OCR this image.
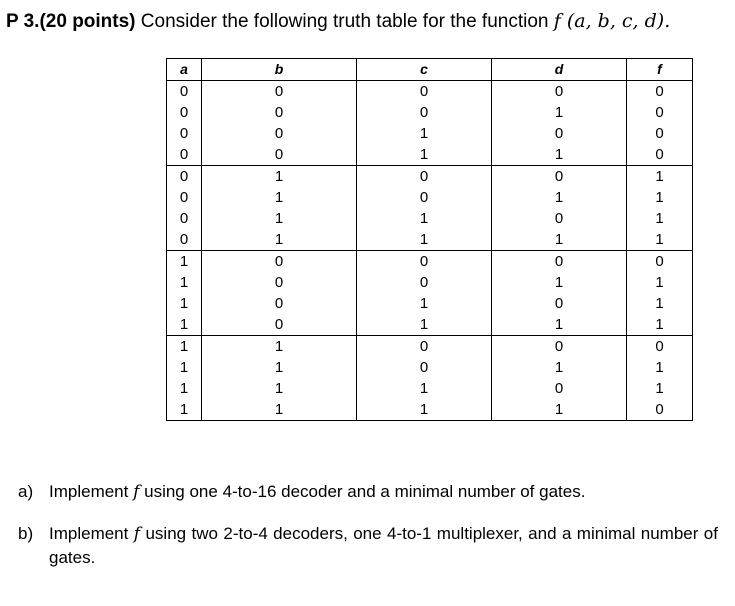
P 3.(20 points) Consider the following truth table for the function f (a, b, c, d).
a	b	c	d	f
0	0	0	0	0
0	0	0	1	0
0	0	1	0	0
0	0	1	1	0
0	1	0	0	1
0	1	0	1	1
0	1	1	0	1
0	1	1	1	1
1	0	0	0	0
1	0	0	1	1
1	0	1	0	1
1	0	1	1	1
1	1	0	0	0
1	1	0	1	1
1	1	1	0	1
1	1	1	1	0
a) Implement f using one 4-to-16 decoder and a minimal number of gates.
b) Implement f using two 2-to-4 decoders, one 4-to-1 multiplexer, and a minimal number of gates.
